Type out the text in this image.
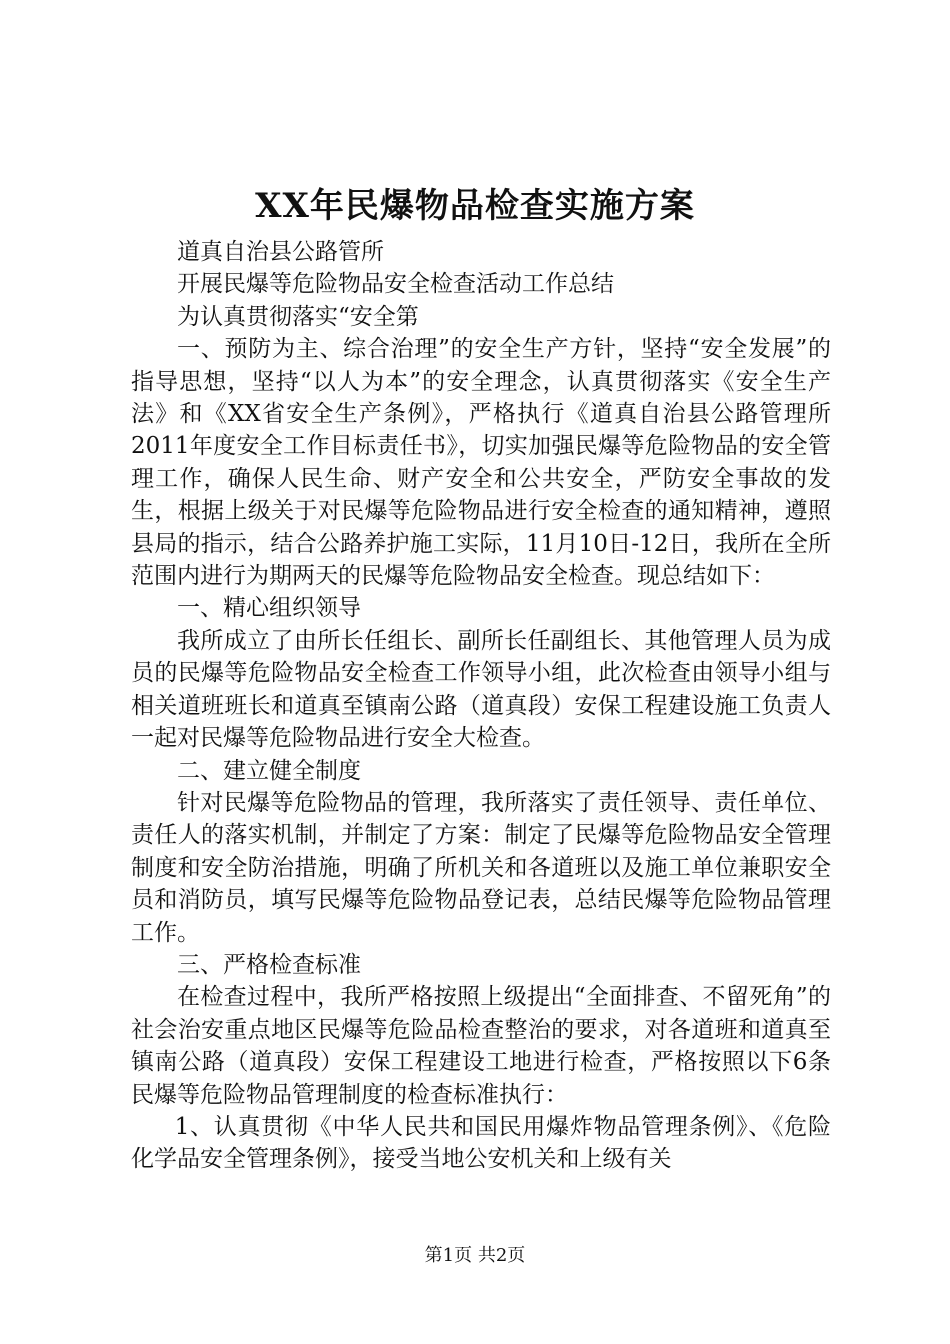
XX年民爆物品检查实施方案

道真自治县公路管所

开展民爆等危险物品安全检查活动工作总结

为认真贯彻落实“安全第

一、预防为主、综合治理”的安全生产方针，坚持“安全发展”的指导思想，坚持“以人为本”的安全理念，认真贯彻落实《安全生产法》和《XX省安全生产条例》，严格执行《道真自治县公路管理所2011年度安全工作目标责任书》，切实加强民爆等危险物品的安全管理工作，确保人民生命、财产安全和公共安全，严防安全事故的发生，根据上级关于对民爆等危险物品进行安全检查的通知精神，遵照县局的指示，结合公路养护施工实际，11月10日-12日，我所在全所范围内进行为期两天的民爆等危险物品安全检查。现总结如下：

一、精心组织领导

我所成立了由所长任组长、副所长任副组长、其他管理人员为成员的民爆等危险物品安全检查工作领导小组，此次检查由领导小组与相关道班班长和道真至镇南公路（道真段）安保工程建设施工负责人一起对民爆等危险物品进行安全大检查。

二、建立健全制度

针对民爆等危险物品的管理，我所落实了责任领导、责任单位、责任人的落实机制，并制定了方案：制定了民爆等危险物品安全管理制度和安全防治措施，明确了所机关和各道班以及施工单位兼职安全员和消防员，填写民爆等危险物品登记表，总结民爆等危险物品管理工作。

三、严格检查标准

在检查过程中，我所严格按照上级提出“全面排查、不留死角”的社会治安重点地区民爆等危险品检查整治的要求，对各道班和道真至镇南公路（道真段）安保工程建设工地进行检查，严格按照以下6条民爆等危险物品管理制度的检查标准执行：

1、认真贯彻《中华人民共和国民用爆炸物品管理条例》、《危险化学品安全管理条例》，接受当地公安机关和上级有关

第1页 共2页
